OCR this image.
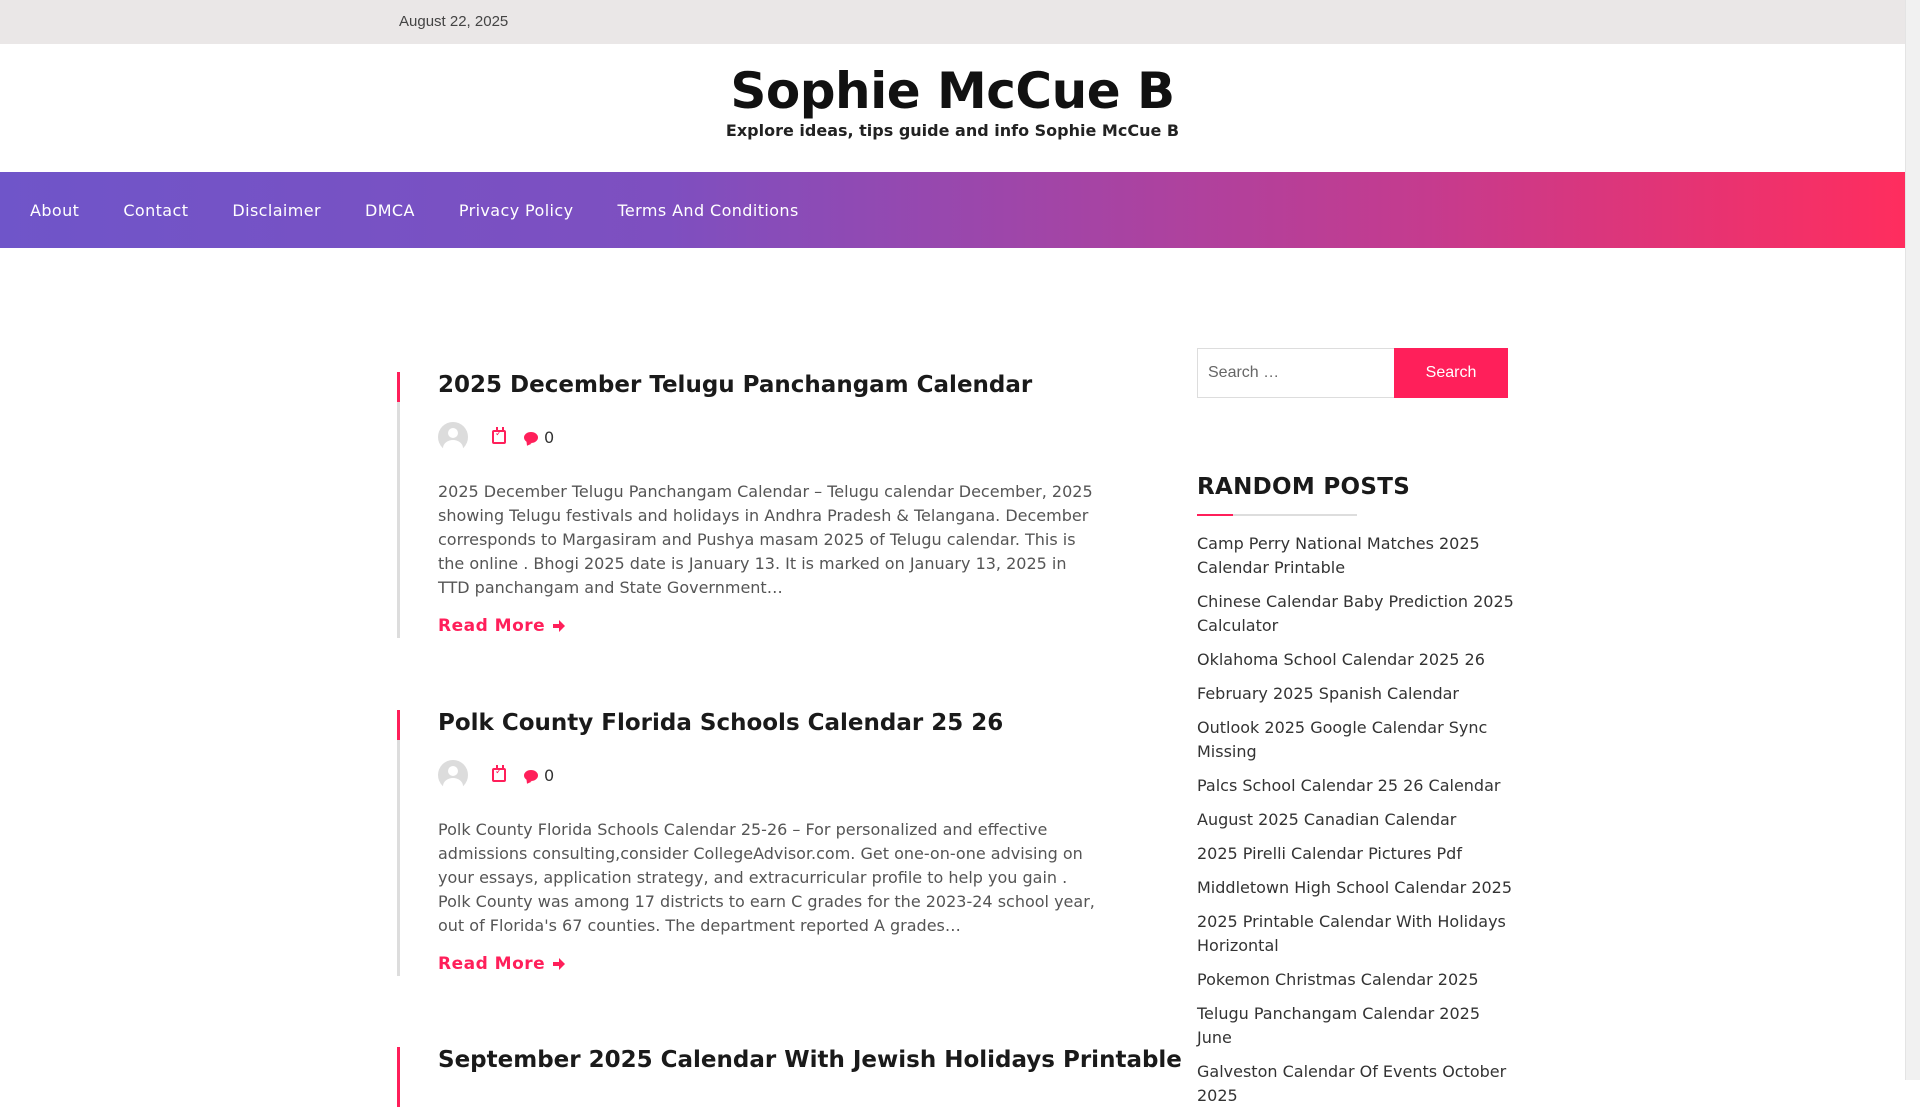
August 22, 2025
Sophie McCue B
Explore ideas, tips guide and info Sophie McCue B
About	Contact	Disclaimer	DMCA	Privacy Policy	Terms And Conditions
2025 December Telugu Panchangam Calendar
✓
0

2025 December Telugu Panchangam Calendar – Telugu calendar December, 2025 showing Telugu festivals and holidays in Andhra Pradesh & Telangana. December corresponds to Margasiram and Pushya masam 2025 of Telugu calendar. This is the online . Bhogi 2025 date is January 13. It is marked on January 13, 2025 in TTD panchangam and State Government…

Read More
Polk County Florida Schools Calendar 25 26
✓
0

Polk County Florida Schools Calendar 25-26 – For personalized and effective admissions consulting,consider CollegeAdvisor.com. Get one-on-one advising on your essays, application strategy, and extracurricular profile to help you gain . Polk County was among 17 districts to earn C grades for the 2023-24 school year, out of Florida's 67 counties. The department reported A grades…

Read More
September 2025 Calendar With Jewish Holidays Printable
Search …
Search
RANDOM POSTS
Camp Perry National Matches 2025 Calendar Printable
Chinese Calendar Baby Prediction 2025 Calculator
Oklahoma School Calendar 2025 26
February 2025 Spanish Calendar
Outlook 2025 Google Calendar Sync Missing
Palcs School Calendar 25 26 Calendar
August 2025 Canadian Calendar
2025 Pirelli Calendar Pictures Pdf
Middletown High School Calendar 2025
2025 Printable Calendar With Holidays Horizontal
Pokemon Christmas Calendar 2025
Telugu Panchangam Calendar 2025 June
Galveston Calendar Of Events October 2025
